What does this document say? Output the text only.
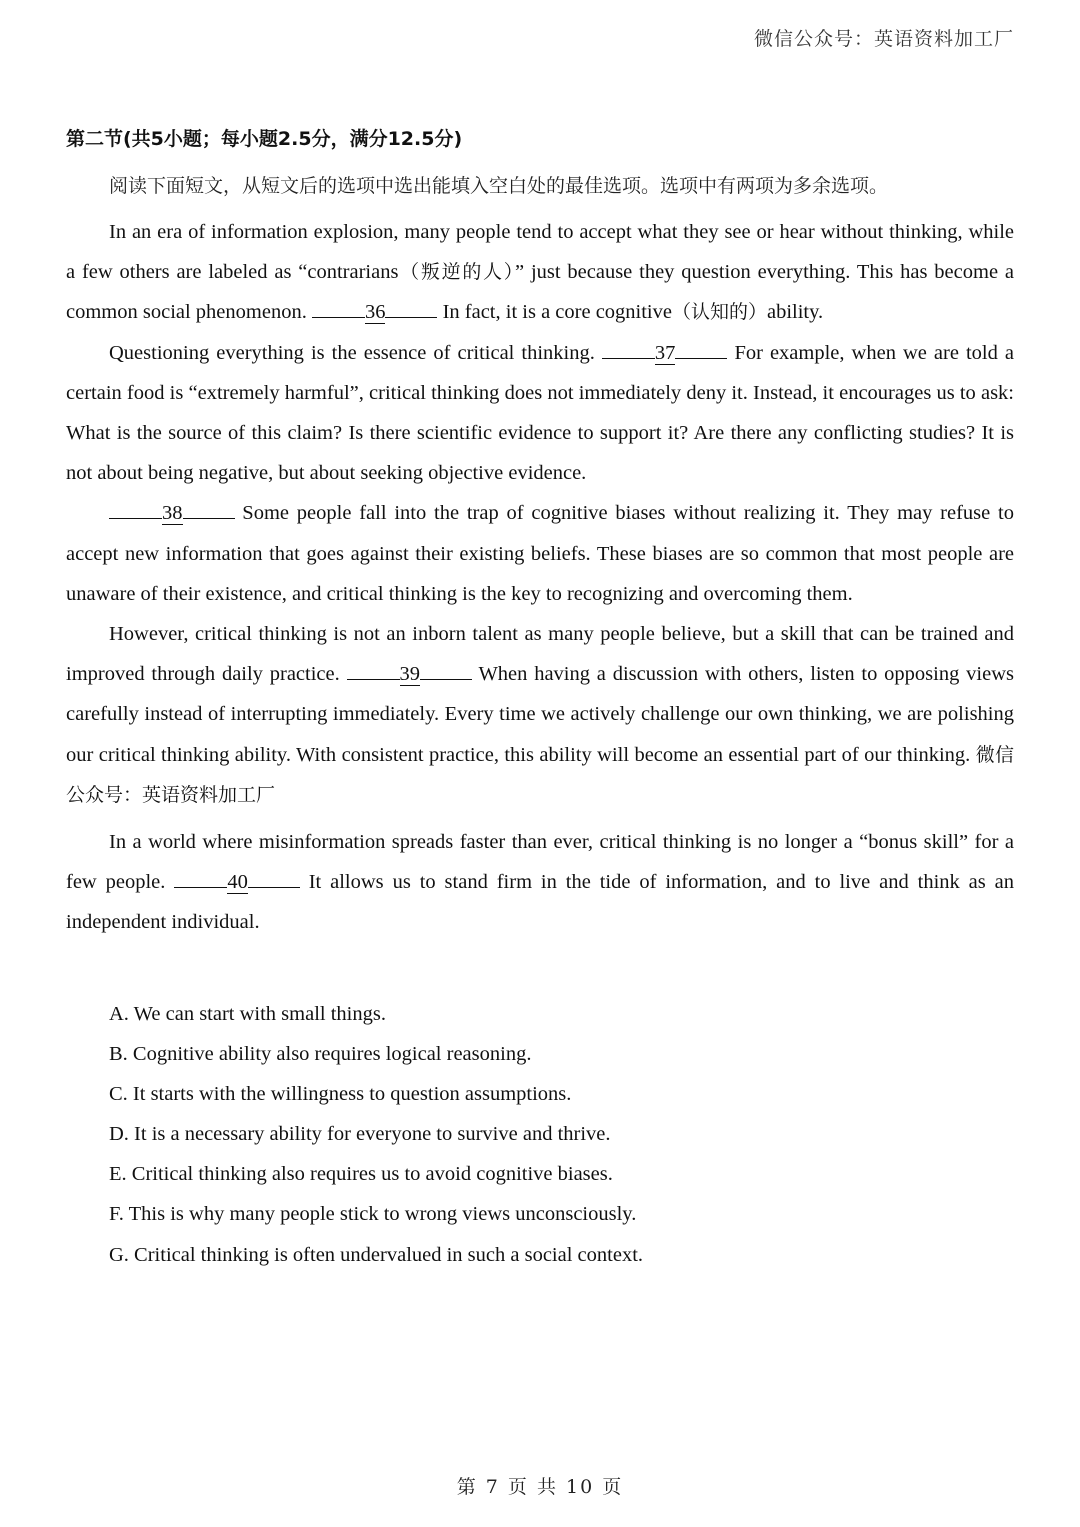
微信公众号：英语资料加工厂
第二节(共5小题；每小题2.5分，满分12.5分)
阅读下面短文，从短文后的选项中选出能填入空白处的最佳选项。选项中有两项为多余选项。

In an era of information explosion, many people tend to accept what they see or hear without thinking, while a few others are labeled as “contrarians（叛逆的人）” just because they question everything. This has become a common social phenomenon.	36	In fact, it is a core cognitive（认知的）ability.

Questioning everything is the essence of critical thinking.	37	For example, when we are told a certain food is “extremely harmful”, critical thinking does not immediately deny it. Instead, it encourages us to ask: What is the source of this claim? Is there scientific evidence to support it? Are there any conflicting studies? It is not about being negative, but about seeking objective evidence.

38	Some people fall into the trap of cognitive biases without realizing it. They may refuse to accept new information that goes against their existing beliefs. These biases are so common that most people are unaware of their existence, and critical thinking is the key to recognizing and overcoming them.

However, critical thinking is not an inborn talent as many people believe, but a skill that can be trained and improved through daily practice.	39	When having a discussion with others, listen to opposing views carefully instead of interrupting immediately. Every time we actively challenge our own thinking, we are polishing our critical thinking ability. With consistent practice, this ability will become an essential part of our thinking. 微信公众号：英语资料加工厂

In a world where misinformation spreads faster than ever, critical thinking is no longer a “bonus skill” for a few people.	40	It allows us to stand firm in the tide of information, and to live and think as an independent individual.

A. We can start with small things.
B. Cognitive ability also requires logical reasoning.
C. It starts with the willingness to question assumptions.
D. It is a necessary ability for everyone to survive and thrive.
E. Critical thinking also requires us to avoid cognitive biases.
F. This is why many people stick to wrong views unconsciously.
G. Critical thinking is often undervalued in such a social context.
第 7 页 共 10 页
